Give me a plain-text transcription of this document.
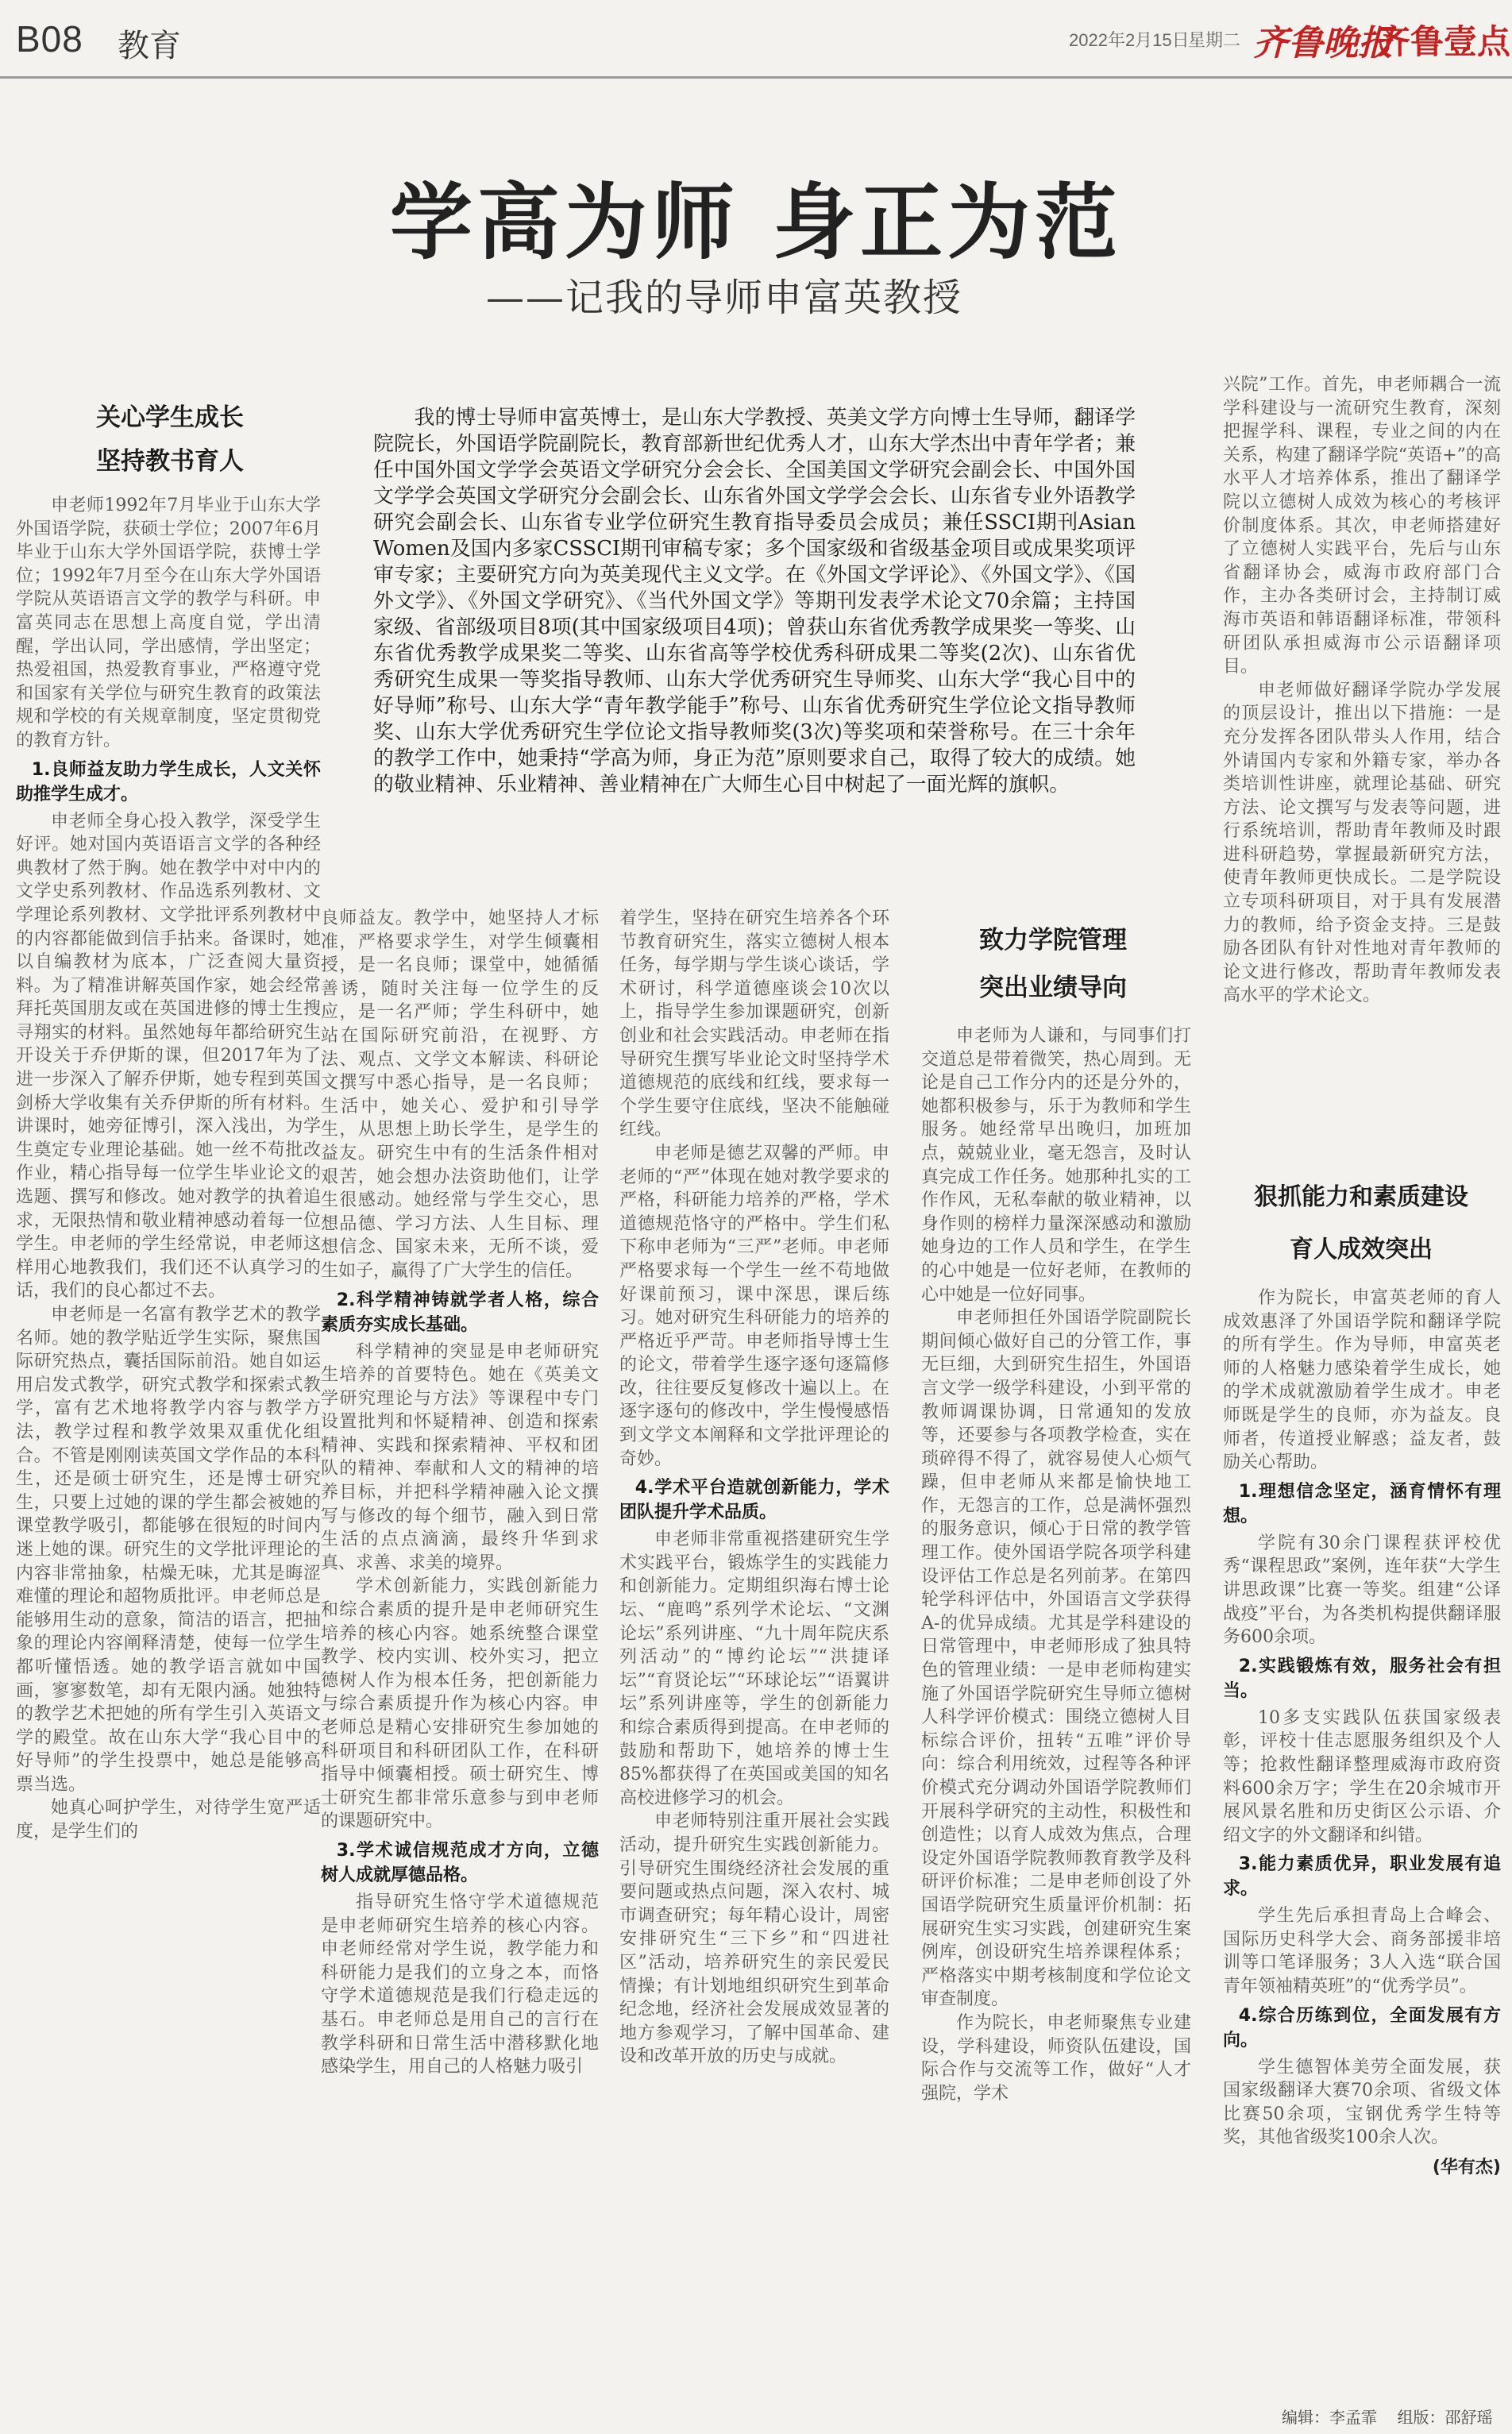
B08 教育	2022年2月15日
星期二 齐鲁晚报
齐鲁壹点
学高为师 身正为范
——记我的导师申富英教授
我的博士导师申富英博士，是山东大学教授、英美文学方向博士生导师，翻译学院院长，外国语学院副院长，教育部新世纪优秀人才，山东大学杰出中青年学者；兼任中国外国文学学会英语文学研究分会会长、全国美国文学研究会副会长、中国外国文学学会英国文学研究分会副会长、山东省外国文学学会会长、山东省专业外语教学研究会副会长、山东省专业学位研究生教育指导委员会成员；兼任SSCI期刊Asian Women及国内多家CSSCI期刊审稿专家；多个国家级和省级基金项目或成果奖项评审专家；主要研究方向为英美现代主义文学。在《外国文学评论》、《外国文学》、《国外文学》、《外国文学研究》、《当代外国文学》等期刊发表学术论文70余篇；主持国家级、省部级项目8项(其中国家级项目4项)；曾获山东省优秀教学成果奖一等奖、山东省优秀教学成果奖二等奖、山东省高等学校优秀科研成果二等奖(2次)、山东省优秀研究生成果一等奖指导教师、山东大学优秀研究生导师奖、山东大学“我心目中的好导师”称号、山东大学“青年教学能手”称号、山东省优秀研究生学位论文指导教师奖、山东大学优秀研究生学位论文指导教师奖(3次)等奖项和荣誉称号。在三十余年的教学工作中，她秉持“学高为师，身正为范”原则要求自己，取得了较大的成绩。她的敬业精神、乐业精神、善业精神在广大师生心目中树起了一面光辉的旗帜。
关心学生成长
坚持教书育人

申老师1992年7月毕业于山东大学外国语学院，获硕士学位；2007年6月毕业于山东大学外国语学院，获博士学位；1992年7月至今在山东大学外国语学院从英语语言文学的教学与科研。申富英同志在思想上高度自觉，学出清醒，学出认同，学出感情，学出坚定；热爱祖国，热爱教育事业，严格遵守党和国家有关学位与研究生教育的政策法规和学校的有关规章制度，坚定贯彻党的教育方针。

1.良师益友助力学生成长，人文关怀助推学生成才。

申老师全身心投入教学，深受学生好评。她对国内英语语言文学的各种经典教材了然于胸。她在教学中对中内的文学史系列教材、作品选系列教材、文学理论系列教材、文学批评系列教材中的内容都能做到信手拈来。备课时，她以自编教材为底本，广泛查阅大量资料。为了精准讲解英国作家，她会经常拜托英国朋友或在英国进修的博士生搜寻翔实的材料。虽然她每年都给研究生开设关于乔伊斯的课，但2017年为了进一步深入了解乔伊斯，她专程到英国剑桥大学收集有关乔伊斯的所有材料。讲课时，她旁征博引，深入浅出，为学生奠定专业理论基础。她一丝不苟批改作业，精心指导每一位学生毕业论文的选题、撰写和修改。她对教学的执着追求，无限热情和敬业精神感动着每一位学生。申老师的学生经常说，申老师这样用心地教我们，我们还不认真学习的话，我们的良心都过不去。

申老师是一名富有教学艺术的教学名师。她的教学贴近学生实际，聚焦国际研究热点，囊括国际前沿。她自如运用启发式教学，研究式教学和探索式教学，富有艺术地将教学内容与教学方法，教学过程和教学效果双重优化组合。不管是刚刚读英国文学作品的本科生，还是硕士研究生，还是博士研究生，只要上过她的课的学生都会被她的课堂教学吸引，都能够在很短的时间内迷上她的课。研究生的文学批评理论的内容非常抽象，枯燥无味，尤其是晦涩难懂的理论和超物质批评。申老师总是能够用生动的意象，简洁的语言，把抽象的理论内容阐释清楚，使每一位学生都听懂悟透。她的教学语言就如中国画，寥寥数笔，却有无限内涵。她独特的教学艺术把她的所有学生引入英语文学的殿堂。故在山东大学“我心目中的好导师”的学生投票中，她总是能够高票当选。

她真心呵护学生，对待学生宽严适度，是学生们的

良师益友。教学中，她坚持人才标准，严格要求学生，对学生倾囊相授，是一名良师；课堂中，她循循善诱，随时关注每一位学生的反应，是一名严师；学生科研中，她站在国际研究前沿，在视野、方法、观点、文学文本解读、科研论文撰写中悉心指导，是一名良师；生活中，她关心、爱护和引导学生，从思想上助长学生，是学生的益友。研究生中有的生活条件相对艰苦，她会想办法资助他们，让学生很感动。她经常与学生交心，思想品德、学习方法、人生目标、理想信念、国家未来，无所不谈，爱生如子，赢得了广大学生的信任。

2.科学精神铸就学者人格，综合素质夯实成长基础。

科学精神的突显是申老师研究生培养的首要特色。她在《英美文学研究理论与方法》等课程中专门设置批判和怀疑精神、创造和探索精神、实践和探索精神、平权和团队的精神、奉献和人文的精神的培养目标，并把科学精神融入论文撰写与修改的每个细节，融入到日常生活的点点滴滴，最终升华到求真、求善、求美的境界。

学术创新能力，实践创新能力和综合素质的提升是申老师研究生培养的核心内容。她系统整合课堂教学、校内实训、校外实习，把立德树人作为根本任务，把创新能力与综合素质提升作为核心内容。申老师总是精心安排研究生参加她的科研项目和科研团队工作，在科研指导中倾囊相授。硕士研究生、博士研究生都非常乐意参与到申老师的课题研究中。

3.学术诚信规范成才方向，立德树人成就厚德品格。

指导研究生恪守学术道德规范是申老师研究生培养的核心内容。申老师经常对学生说，教学能力和科研能力是我们的立身之本，而恪守学术道德规范是我们行稳走远的基石。申老师总是用自己的言行在教学科研和日常生活中潜移默化地感染学生，用自己的人格魅力吸引

着学生，坚持在研究生培养各个环节教育研究生，落实立德树人根本任务，每学期与学生谈心谈话，学术研讨，科学道德座谈会10次以上，指导学生参加课题研究，创新创业和社会实践活动。申老师在指导研究生撰写毕业论文时坚持学术道德规范的底线和红线，要求每一个学生要守住底线，坚决不能触碰红线。

申老师是德艺双馨的严师。申老师的“严”体现在她对教学要求的严格，科研能力培养的严格，学术道德规范恪守的严格中。学生们私下称申老师为“三严”老师。申老师严格要求每一个学生一丝不苟地做好课前预习，课中深思，课后练习。她对研究生科研能力的培养的严格近乎严苛。申老师指导博士生的论文，带着学生逐字逐句逐篇修改，往往要反复修改十遍以上。在逐字逐句的修改中，学生慢慢感悟到文学文本阐释和文学批评理论的奇妙。

4.学术平台造就创新能力，学术团队提升学术品质。

申老师非常重视搭建研究生学术实践平台，锻炼学生的实践能力和创新能力。定期组织海右博士论坛、“鹿鸣”系列学术论坛、“文渊论坛”系列讲座、“九十周年院庆系列活动”的“博约论坛”“洪捷译坛”“育贤论坛”“环球论坛”“语翼讲坛”系列讲座等，学生的创新能力和综合素质得到提高。在申老师的鼓励和帮助下，她培养的博士生85%都获得了在英国或美国的知名高校进修学习的机会。

申老师特别注重开展社会实践活动，提升研究生实践创新能力。引导研究生围绕经济社会发展的重要问题或热点问题，深入农村、城市调查研究；每年精心设计，周密安排研究生“三下乡”和“四进社区”活动，培养研究生的亲民爱民情操；有计划地组织研究生到革命纪念地，经济社会发展成效显著的地方参观学习，了解中国革命、建设和改革开放的历史与成就。

致力学院管理
突出业绩导向

申老师为人谦和，与同事们打交道总是带着微笑，热心周到。无论是自己工作分内的还是分外的，她都积极参与，乐于为教师和学生服务。她经常早出晚归，加班加点，兢兢业业，毫无怨言，及时认真完成工作任务。她那种扎实的工作作风，无私奉献的敬业精神，以身作则的榜样力量深深感动和激励她身边的工作人员和学生，在学生的心中她是一位好老师，在教师的心中她是一位好同事。

申老师担任外国语学院副院长期间倾心做好自己的分管工作，事无巨细，大到研究生招生，外国语言文学一级学科建设，小到平常的教师调课协调，日常通知的发放等，还要参与各项教学检查，实在琐碎得不得了，就容易使人心烦气躁，但申老师从来都是愉快地工作，无怨言的工作，总是满怀强烈的服务意识，倾心于日常的教学管理工作。使外国语学院各项学科建设评估工作总是名列前茅。在第四轮学科评估中，外国语言文学获得A-的优异成绩。尤其是学科建设的日常管理中，申老师形成了独具特色的管理业绩：一是申老师构建实施了外国语学院研究生导师立德树人科学评价模式：围绕立德树人目标综合评价，扭转“五唯”评价导向：综合利用统效，过程等各种评价模式充分调动外国语学院教师们开展科学研究的主动性，积极性和创造性；以育人成效为焦点，合理设定外国语学院教师教育教学及科研评价标准；二是申老师创设了外国语学院研究生质量评价机制：拓展研究生实习实践，创建研究生案例库，创设研究生培养课程体系；严格落实中期考核制度和学位论文审查制度。

作为院长，申老师聚焦专业建设，学科建设，师资队伍建设，国际合作与交流等工作，做好“人才强院，学术

兴院”工作。首先，申老师耦合一流学科建设与一流研究生教育，深刻把握学科、课程，专业之间的内在关系，构建了翻译学院“英语+”的高水平人才培养体系，推出了翻译学院以立德树人成效为核心的考核评价制度体系。其次，申老师搭建好了立德树人实践平台，先后与山东省翻译协会，威海市政府部门合作，主办各类研讨会，主持制订威海市英语和韩语翻译标准，带领科研团队承担威海市公示语翻译项目。

申老师做好翻译学院办学发展的顶层设计，推出以下措施：一是充分发挥各团队带头人作用，结合外请国内专家和外籍专家，举办各类培训性讲座，就理论基础、研究方法、论文撰写与发表等问题，进行系统培训，帮助青年教师及时跟进科研趋势，掌握最新研究方法，使青年教师更快成长。二是学院设立专项科研项目，对于具有发展潜力的教师，给予资金支持。三是鼓励各团队有针对性地对青年教师的论文进行修改，帮助青年教师发表高水平的学术论文。

狠抓能力和素质建设
育人成效突出

作为院长，申富英老师的育人成效惠泽了外国语学院和翻译学院的所有学生。作为导师，申富英老师的人格魅力感染着学生成长，她的学术成就激励着学生成才。申老师既是学生的良师，亦为益友。良师者，传道授业解惑；益友者，鼓励关心帮助。

1.理想信念坚定，涵育情怀有理想。

学院有30余门课程获评校优秀“课程思政”案例，连年获“大学生讲思政课”比赛一等奖。组建“公译战疫”平台，为各类机构提供翻译服务600余项。

2.实践锻炼有效，服务社会有担当。

10多支实践队伍获国家级表彰，评校十佳志愿服务组织及个人等；抢救性翻译整理威海市政府资料600余万字；学生在20余城市开展风景名胜和历史街区公示语、介绍文字的外文翻译和纠错。

3.能力素质优异，职业发展有追求。

学生先后承担青岛上合峰会、国际历史科学大会、商务部援非培训等口笔译服务；3人入选“联合国青年领袖精英班”的“优秀学员”。

4.综合历练到位，全面发展有方向。

学生德智体美劳全面发展，获国家级翻译大赛70余项、省级文体比赛50余项，宝钢优秀学生特等奖，其他省级奖100余人次。

(华有杰)

编辑：李孟霏 组版：邵舒瑶
